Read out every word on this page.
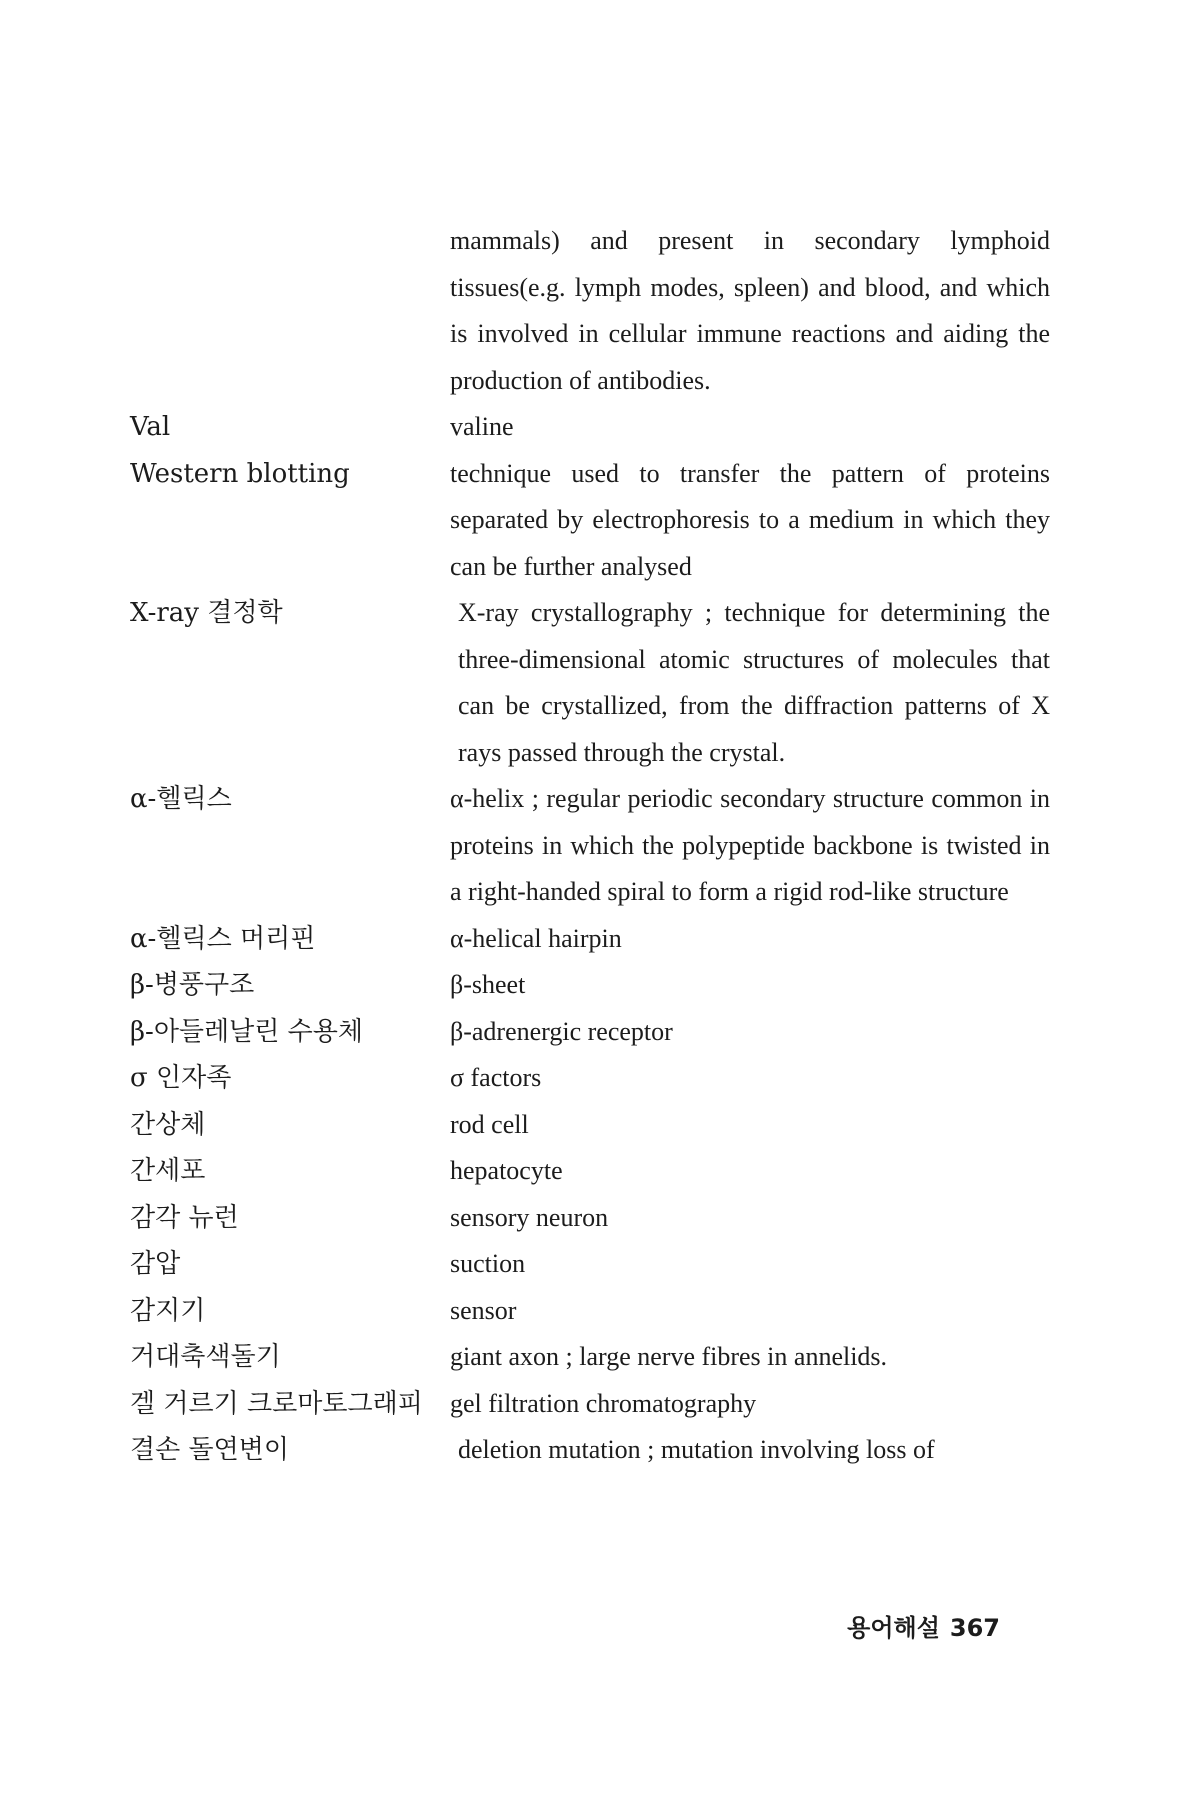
mammals) and present in secondary lymphoid tissues(e.g. lymph modes, spleen) and blood, and which is involved in cellular immune reactions and aiding the production of antibodies.
Val	valine
Western blotting	technique used to transfer the pattern of proteins separated by electrophoresis to a medium in which they can be further analysed
X-ray 결정학	X-ray crystallography ; technique for determining the three-dimensional atomic structures of molecules that can be crystallized, from the diffraction patterns of X rays passed through the crystal.
α-헬릭스	α-helix ; regular periodic secondary structure common in proteins in which the polypeptide backbone is twisted in a right-handed spiral to form a rigid rod-like structure
α-헬릭스 머리핀	α-helical hairpin
β-병풍구조	β-sheet
β-아들레날린 수용체	β-adrenergic receptor
σ 인자족	σ factors
간상체	rod cell
간세포	hepatocyte
감각 뉴런	sensory neuron
감압	suction
감지기	sensor
거대축색돌기	giant axon ; large nerve fibres in annelids.
겔 거르기 크로마토그래피	gel filtration chromatography
결손 돌연변이	deletion mutation ; mutation involving loss of
용어해설 367
